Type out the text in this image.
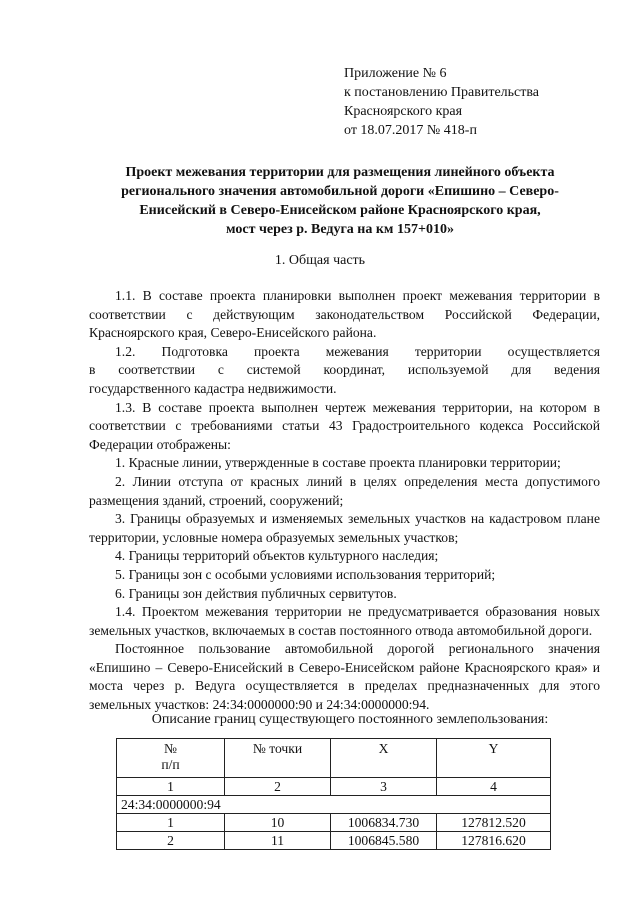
Приложение № 6
к постановлению Правительства
Красноярского края
от 18.07.2017 № 418-п
Проект межевания территории для размещения линейного объекта
регионального значения автомобильной дороги «Епишино – Северо-
Енисейский в Северо-Енисейском районе Красноярского края,
мост через р. Ведуга на км 157+010»
1. Общая часть
1.1. В составе проекта планировки выполнен проект межевания территории в соответствии с действующим законодательством Российской Федерации, Красноярского края, Северо-Енисейского района.
1.2. Подготовка проекта межевания территории осуществляется
в соответствии с системой координат, используемой для ведения
государственного кадастра недвижимости.
1.3. В составе проекта выполнен чертеж межевания территории, на котором в соответствии с требованиями статьи 43 Градостроительного кодекса Российской Федерации отображены:
1. Красные линии, утвержденные в составе проекта планировки территории;
2. Линии отступа от красных линий в целях определения места допустимого размещения зданий, строений, сооружений;
3. Границы образуемых и изменяемых земельных участков на кадастровом плане территории, условные номера образуемых земельных участков;
4. Границы территорий объектов культурного наследия;
5. Границы зон с особыми условиями использования территорий;
6. Границы зон действия публичных сервитутов.
1.4. Проектом межевания территории не предусматривается образования новых земельных участков, включаемых в состав постоянного отвода автомобильной дороги.
Постоянное пользование автомобильной дорогой регионального значения «Епишино – Северо-Енисейский в Северо-Енисейском районе Красноярского края» и моста через р. Ведуга осуществляется в пределах предназначенных для этого земельных участков: 24:34:0000000:90 и 24:34:0000000:94.
Описание границ существующего постоянного землепользования:
№
п/п	№ точки	X	Y
1	2	3	4
24:34:0000000:94			
1	10	1006834.730	127812.520
2	11	1006845.580	127816.620
